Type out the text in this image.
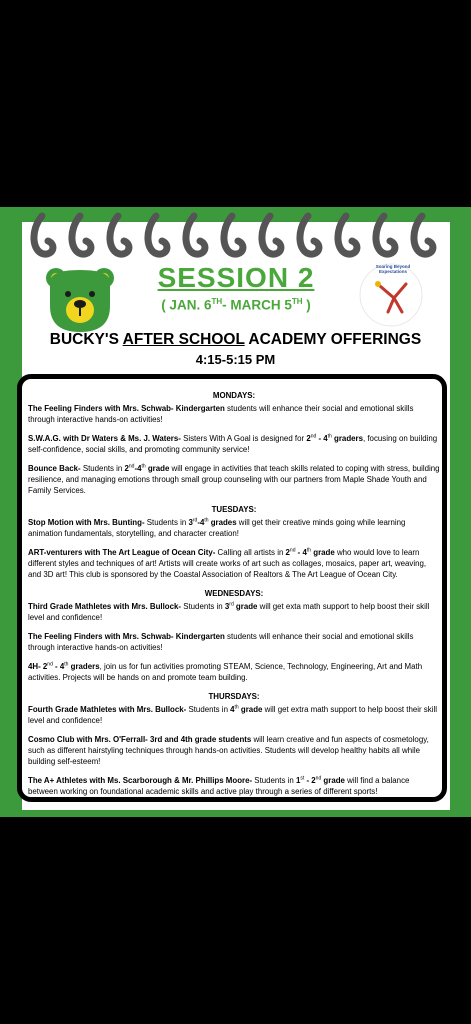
Soaring Beyond Expectations
SESSION 2
( JAN. 6TH- MARCH 5TH )
BUCKY'S AFTER SCHOOL ACADEMY OFFERINGS
4:15-5:15 PM
MONDAYS:
The Feeling Finders with Mrs. Schwab- Kindergarten students will enhance their social and emotional skills through interactive hands-on activities!
S.W.A.G. with Dr Waters & Ms. J. Waters- Sisters With A Goal is designed for 2nd - 4th graders, focusing on building self-confidence, social skills, and promoting community service!
Bounce Back- Students in 2nd-4th grade will engage in activities that teach skills related to coping with stress, building resilience, and managing emotions through small group counseling with our partners from Maple Shade Youth and Family Services.
TUESDAYS:
Stop Motion with Mrs. Bunting- Students in 3rd-4th grades will get their creative minds going while learning animation fundamentals, storytelling, and character creation!
ART-venturers with The Art League of Ocean City- Calling all artists in 2nd - 4th grade who would love to learn different styles and techniques of art! Artists will create works of art such as collages, mosaics, paper art, weaving, and 3D art! This club is sponsored by the Coastal Association of Realtors & The Art League of Ocean City.
WEDNESDAYS:
Third Grade Mathletes with Mrs. Bullock- Students in 3rd grade will get exta math support to help boost their skill level and confidence!
The Feeling Finders with Mrs. Schwab- Kindergarten students will enhance their social and emotional skills through interactive hands-on activities!
4H- 2nd - 4th graders, join us for fun activities promoting STEAM, Science, Technology, Engineering, Art and Math activities. Projects will be hands on and promote team building.
THURSDAYS:
Fourth Grade Mathletes with Mrs. Bullock- Students in 4th grade will get extra math support to help boost their skill level and confidence!
Cosmo Club with Mrs. O'Ferrall- 3rd and 4th grade students will learn creative and fun aspects of cosmetology, such as different hairstyling techniques through hands-on activities. Students will develop healthy habits all while building self-esteem!
The A+ Athletes with Ms. Scarborough & Mr. Phillips Moore- Students in 1st - 2nd grade will find a balance between working on foundational academic skills and active play through a series of different sports!
